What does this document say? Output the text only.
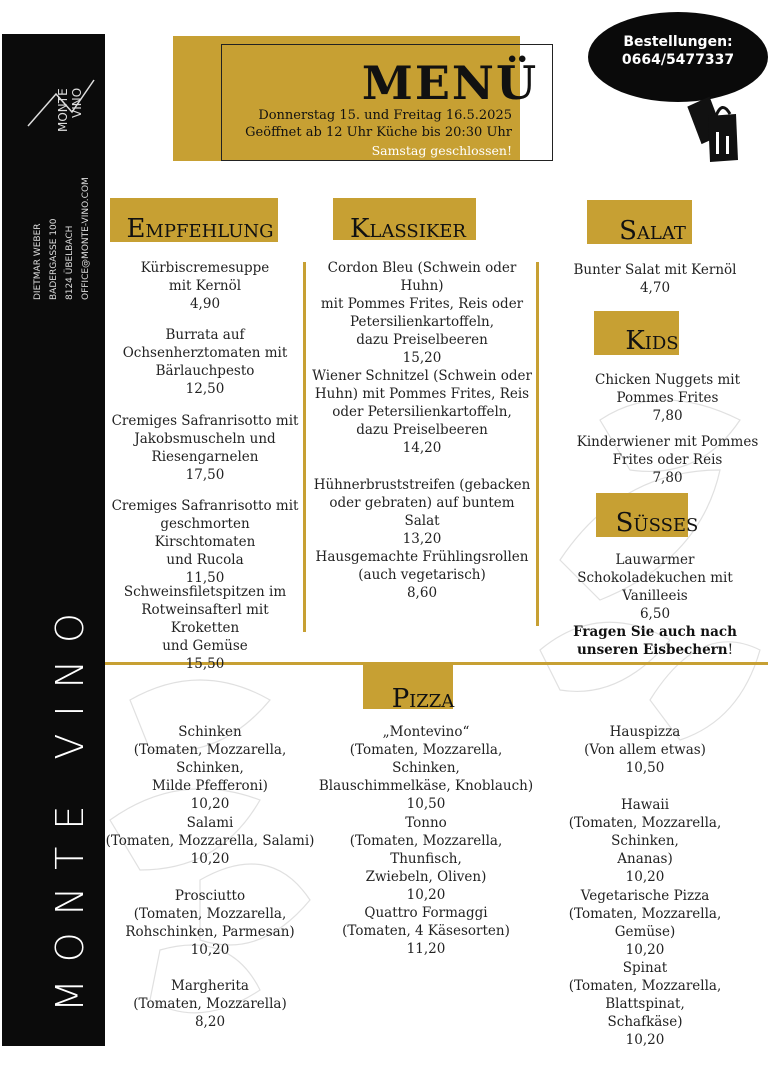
MONTE VINO
DIETMAR WEBER BADERGASSE 100 8124 ÜBELBACH OFFICE@MONTE-VINO.COM
MONTE VINO
MENÜ
Donnerstag 15. und Freitag 16.5.2025
Geöffnet ab 12 Uhr Küche bis 20:30 Uhr
Samstag geschlossen!
Bestellungen:
0664/5477337
Empfehlung
Kürbiscremesuppe
mit Kernöl
4,90
Burrata auf
Ochsenherztomaten mit
Bärlauchpesto
12,50
Cremiges Safranrisotto mit
Jakobsmuscheln und
Riesengarnelen
17,50
Cremiges Safranrisotto mit
geschmorten Kirschtomaten
und Rucola
11,50
Schweinsfiletspitzen im
Rotweinsafterl mit Kroketten
und Gemüse
15,50
Klassiker
Cordon Bleu (Schwein oder Huhn)
mit Pommes Frites, Reis oder
Petersilienkartoffeln,
dazu Preiselbeeren
15,20
Wiener Schnitzel (Schwein oder
Huhn) mit Pommes Frites, Reis
oder Petersilienkartoffeln,
dazu Preiselbeeren
14,20
Hühnerbruststreifen (gebacken
oder gebraten) auf buntem Salat
13,20
Hausgemachte Frühlingsrollen
(auch vegetarisch)
8,60
Salat
Bunter Salat mit Kernöl
4,70
Kids
Chicken Nuggets mit
Pommes Frites
7,80
Kinderwiener mit Pommes
Frites oder Reis
7,80
Süßes
Lauwarmer
Schokoladekuchen mit
Vanilleeis
6,50
Fragen Sie auch nach
unseren Eisbechern!
Pizza
Schinken
(Tomaten, Mozzarella, Schinken,
Milde Pfefferoni)
10,20
Salami
(Tomaten, Mozzarella, Salami)
10,20
Prosciutto
(Tomaten, Mozzarella,
Rohschinken, Parmesan)
10,20
Margherita
(Tomaten, Mozzarella)
8,20
„Montevino“
(Tomaten, Mozzarella, Schinken,
Blauschimmelkäse, Knoblauch)
10,50
Tonno
(Tomaten, Mozzarella, Thunfisch,
Zwiebeln, Oliven)
10,20
Quattro Formaggi
(Tomaten, 4 Käsesorten)
11,20
Hauspizza
(Von allem etwas)
10,50
Hawaii
(Tomaten, Mozzarella, Schinken,
Ananas)
10,20
Vegetarische Pizza
(Tomaten, Mozzarella, Gemüse)
10,20
Spinat
(Tomaten, Mozzarella, Blattspinat,
Schafkäse)
10,20
